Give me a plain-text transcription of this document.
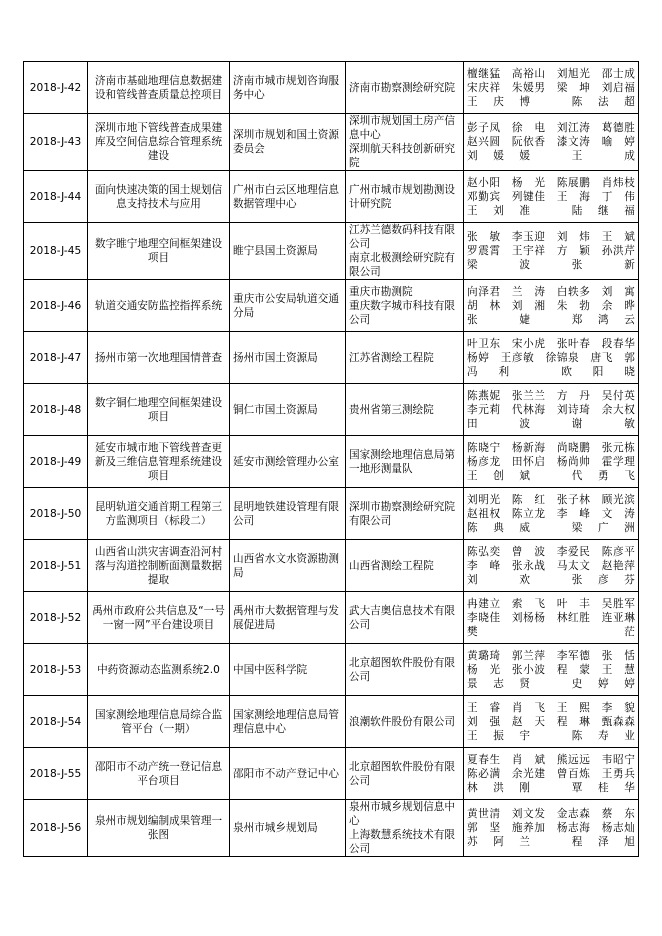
2018-J-42	济南市基础地理信息数据建设和管线普查质量总控项目	济南市城市规划咨询服务中心	济南市勘察测绘研究院	檀继猛　高裕山　刘旭光　邵士成
宋庆祥　朱媛男　梁　坤　刘启福
王庆博　陈法超

2018-J-43	深圳市地下管线普查成果建库及空间信息综合管理系统建设	深圳市规划和国土资源委员会	深圳市规划国土房产信息中心
深圳航天科技创新研究院	彭子凤　徐　电　刘江涛　葛德胜
赵兴圆　阮依香　漆文涛　喻　婷
刘媛媛　王　成

2018-J-44	面向快速决策的国土规划信息支持技术与应用	广州市白云区地理信息数据管理中心	广州市城市规划勘测设计研究院	赵小阳　杨　光　陈展鹏　肖炜枝
邓勤宾　列键佳　王　海　丁　伟
王刘准　陆继福

2018-J-45	数字睢宁地理空间框架建设项目	睢宁县国土资源局	江苏兰德数码科技有限公司
南京北极测绘研究院有限公司	张　敏　李玉迎　刘　炜　王　斌
罗震霄　王宇祥　方　颖　孙洪芹
梁　波　张　新

2018-J-46	轨道交通安防监控指挥系统	重庆市公安局轨道交通分局	重庆市勘测院
重庆数字城市科技有限公司	向泽君　兰　涛　白轶多　刘　寓
胡　林　刘　湘　朱　勃　余　晔
张　婕　郑鸿云

2018-J-47	扬州市第一次地理国情普查	扬州市国土资源局	江苏省测绘工程院	叶卫东　宋小虎　张叶春　段春华
杨婷　王彦敏　徐锦泉　唐飞　郭
冯利　欧阳晓

2018-J-48	数字铜仁地理空间框架建设项目	铜仁市国土资源局	贵州省第三测绘院	陈燕妮　张兰兰　方　丹　吴付英
李元莉　代林海　刘诗琦　余大权
田　波　谢　敏

2018-J-49	延安市城市地下管线普查更新及三维信息管理系统建设项目	延安市测绘管理办公室	国家测绘地理信息局第一地形测量队	陈晓宁　杨新海　尚晓鹏　张元栋
杨彦龙　田怀启　杨尚帅　霍学理
王创斌　代勇飞

2018-J-50	昆明轨道交通首期工程第三方监测项目（标段二）	昆明地铁建设管理有限公司	深圳市勘察测绘研究院有限公司	刘明光　陈　红　张子林　顾光滨
赵祖权　陈立龙　李　峰　文　涛
陈典威　梁广洲

2018-J-51	山西省山洪灾害调查沿河村落与沟道控制断面测量数据提取	山西省水文水资源勘测局	山西省测绘工程院	陈弘奕　曾　波　李爱民　陈彦平
李　峰　张永战　马太文　赵艳萍
刘　欢　张彦芬

2018-J-52	禹州市政府公共信息及“一号一窗一网”平台建设项目	禹州市大数据管理与发展促进局	武大吉奥信息技术有限公司	冉建立　索　飞　叶　丰　吴胜军
李晓佳　刘杨杨　林红胜　连亚琳
樊　茫

2018-J-53	中药资源动态监测系统2.0	中国中医科学院	北京超图软件股份有限公司	黄璐琦　郭兰萍　李军德　张　恬
杨　光　张小波　程　蒙　王　慧
景志贤　史婷婷

2018-J-54	国家测绘地理信息局综合监管平台（一期）	国家测绘地理信息局管理信息中心	浪潮软件股份有限公司	王　睿　肖　飞　王　熙　李　貌
刘　强　赵　天　程　琳　甄森森
王振宇　陈寿业

2018-J-55	邵阳市不动产统一登记信息平台项目	邵阳市不动产登记中心	北京超图软件股份有限公司	夏春生　肖　斌　熊远远　韦昭宁
陈必满　余光建　曾百炼　王勇兵
林洪刚　覃桂华

2018-J-56	泉州市规划编制成果管理一张图	泉州市城乡规划局	泉州市城乡规划信息中心
上海数慧系统技术有限公司	黄世清　刘文发　金志森　蔡　东
郭　坚　施养加　杨志海　杨志灿
苏阿兰　程泽旭
